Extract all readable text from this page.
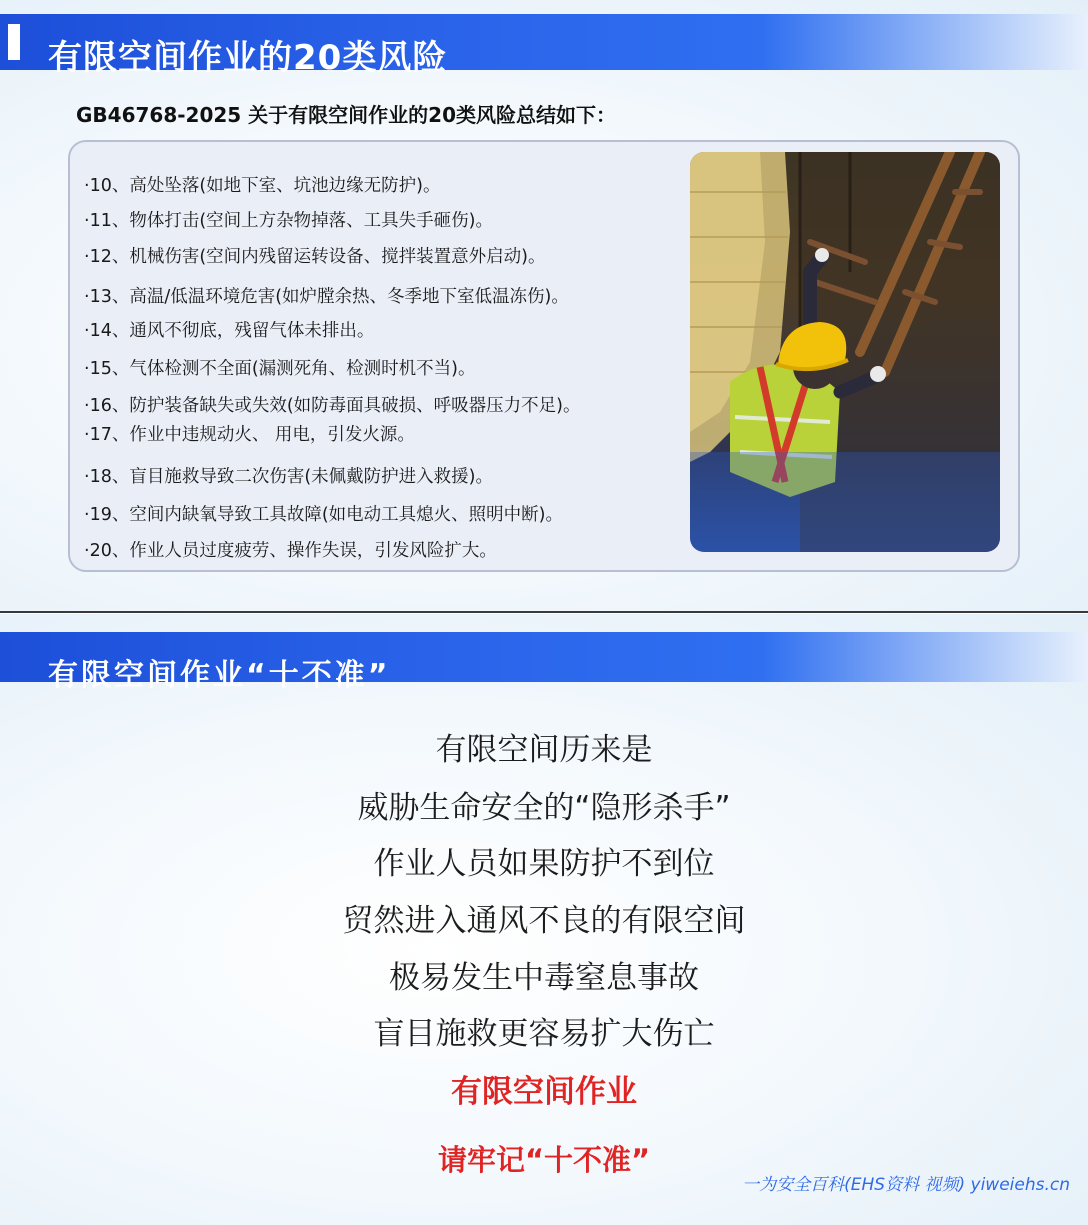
有限空间作业的20类风险
GB46768-2025 关于有限空间作业的20类风险总结如下：
·10、高处坠落(如地下室、坑池边缘无防护)。
·11、物体打击(空间上方杂物掉落、工具失手砸伤)。
·12、机械伤害(空间内残留运转设备、搅拌装置意外启动)。
·13、高温/低温环境危害(如炉膛余热、冬季地下室低温冻伤)。
·14、通风不彻底，残留气体未排出。
·15、气体检测不全面(漏测死角、检测时机不当)。
·16、防护装备缺失或失效(如防毒面具破损、呼吸器压力不足)。
·17、作业中违规动火、 用电，引发火源。
·18、盲目施救导致二次伤害(未佩戴防护进入救援)。
·19、空间内缺氧导致工具故障(如电动工具熄火、照明中断)。
·20、作业人员过度疲劳、操作失误，引发风险扩大。
有限空间作业“十不准”
有限空间历来是
威胁生命安全的“隐形杀手”
作业人员如果防护不到位
贸然进入通风不良的有限空间
极易发生中毒窒息事故
盲目施救更容易扩大伤亡
有限空间作业
请牢记“十不准”
一为安全百科(EHS资料 视频) yiweiehs.cn
